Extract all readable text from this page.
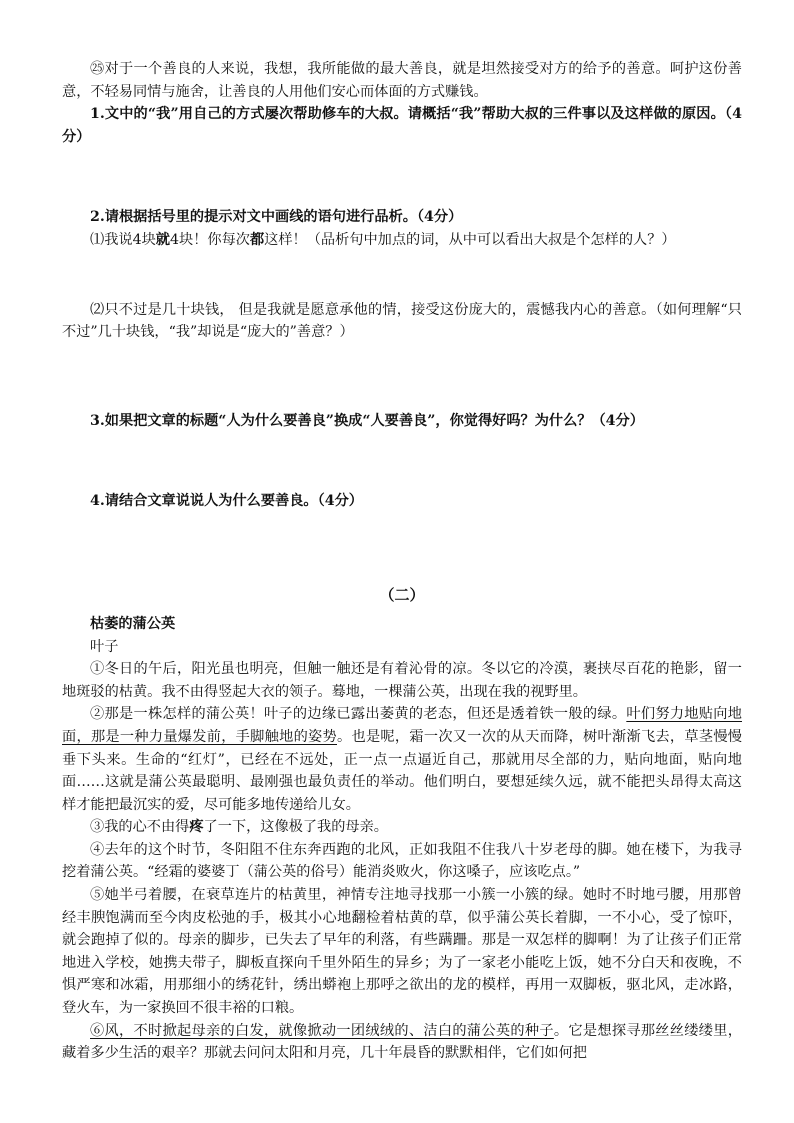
㉕对于一个善良的人来说，我想，我所能做的最大善良，就是坦然接受对方的给予的善意。呵护这份善意，不轻易同情与施舍，让善良的人用他们安心而体面的方式赚钱。

1.文中的“我”用自己的方式屡次帮助修车的大叔。请概括“我”帮助大叔的三件事以及这样做的原因。（4分）

2.请根据括号里的提示对文中画线的语句进行品析。（4分）

⑴我说4块就4块！你每次都这样！（品析句中加点的词，从中可以看出大叔是个怎样的人？）

⑵只不过是几十块钱， 但是我就是愿意承他的情，接受这份庞大的，震憾我内心的善意。（如何理解“只不过”几十块钱，“我”却说是“庞大的”善意？）

3.如果把文章的标题“人为什么要善良”换成“人要善良”，你觉得好吗？为什么？（4分）

4.请结合文章说说人为什么要善良。（4分）

（二）

枯萎的蒲公英

叶子

①冬日的午后，阳光虽也明亮，但触一触还是有着沁骨的凉。冬以它的冷漠，裹挟尽百花的艳影，留一地斑驳的枯黄。我不由得竖起大衣的领子。蓦地，一棵蒲公英，出现在我的视野里。

②那是一株怎样的蒲公英！叶子的边缘已露出萎黄的老态，但还是透着铁一般的绿。叶们努力地贴向地面，那是一种力量爆发前，手脚触地的姿势。也是呢，霜一次又一次的从天而降，树叶渐渐飞去，草茎慢慢垂下头来。生命的“红灯”，已经在不远处，正一点一点逼近自己，那就用尽全部的力，贴向地面，贴向地面……这就是蒲公英最聪明、最刚强也最负责任的举动。他们明白，要想延续久远，就不能把头昂得太高这样才能把最沉实的爱，尽可能多地传递给儿女。

③我的心不由得疼了一下，这像极了我的母亲。

④去年的这个时节，冬阳阻不住东奔西跑的北风，正如我阻不住我八十岁老母的脚。她在楼下，为我寻挖着蒲公英。“经霜的婆婆丁（蒲公英的俗号）能消炎败火，你这嗓子，应该吃点。”

⑤她半弓着腰，在衰草连片的枯黄里，神情专注地寻找那一小簇一小簇的绿。她时不时地弓腰，用那曾经丰腴饱满而至今肉皮松弛的手，极其小心地翻检着枯黄的草，似乎蒲公英长着脚，一不小心，受了惊吓，就会跑掉了似的。母亲的脚步，已失去了早年的利落，有些蹒跚。那是一双怎样的脚啊！为了让孩子们正常地进入学校，她携夫带子，脚板直探向千里外陌生的异乡；为了一家老小能吃上饭，她不分白天和夜晚，不惧严寒和冰霜，用那细小的绣花针，绣出蟒袍上那呼之欲出的龙的模样，再用一双脚板，驱北风，走冰路，登火车，为一家换回不很丰裕的口粮。

⑥风，不时掀起母亲的白发，就像掀动一团绒绒的、洁白的蒲公英的种子。它是想探寻那丝丝缕缕里，藏着多少生活的艰辛？那就去问问太阳和月亮，几十年晨昏的默默相伴，它们如何把
